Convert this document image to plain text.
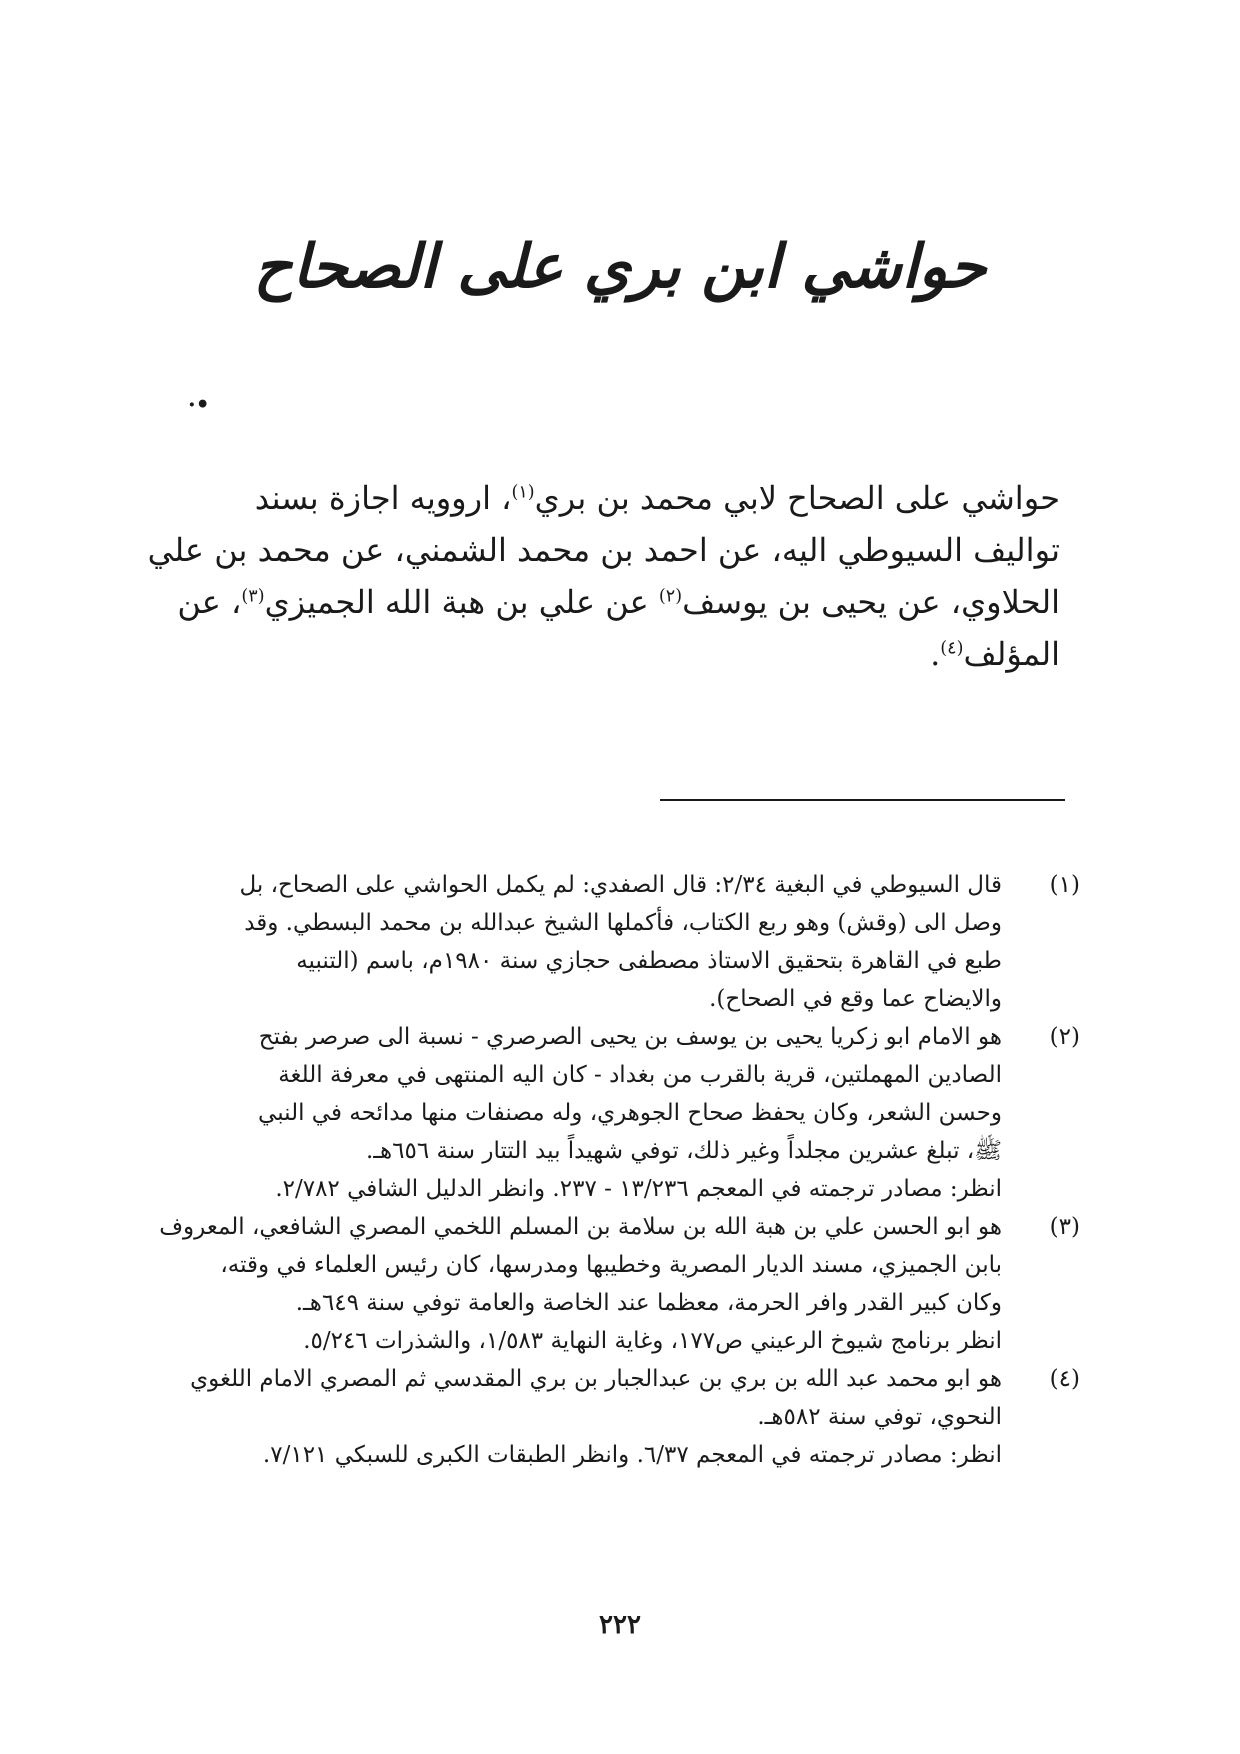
حواشي ابن بري على الصحاح
·•
حواشي على الصحاح لابي محمد بن بري$^{(١)}$، اروويه اجازة بسند
تواليف السيوطي اليه، عن احمد بن محمد الشمني، عن محمد بن علي
الحلاوي، عن يحيى بن يوسف$^{(٢)}$ عن علي بن هبة الله الجميزي$^{(٣)}$، عن
المؤلف$^{(٤)}$.
(١)
قال السيوطي في البغية ٢/٣٤: قال الصفدي: لم يكمل الحواشي على الصحاح، بل
وصل الى (وقش) وهو ربع الكتاب، فأكملها الشيخ عبدالله بن محمد البسطي. وقد
طبع في القاهرة بتحقيق الاستاذ مصطفى حجازي سنة ١٩٨٠م، باسم (التنبيه
والايضاح عما وقع في الصحاح).
(٢)
هو الامام ابو زكريا يحيى بن يوسف بن يحيى الصرصري - نسبة الى صرصر بفتح
الصادين المهملتين، قرية بالقرب من بغداد - كان اليه المنتهى في معرفة اللغة
وحسن الشعر، وكان يحفظ صحاح الجوهري، وله مصنفات منها مدائحه في النبي
ﷺ، تبلغ عشرين مجلداً وغير ذلك، توفي شهيداً بيد التتار سنة ٦٥٦هـ.
انظر: مصادر ترجمته في المعجم ١٣/٢٣٦ - ٢٣٧. وانظر الدليل الشافي ٢/٧٨٢.
(٣)
هو ابو الحسن علي بن هبة الله بن سلامة بن المسلم اللخمي المصري الشافعي، المعروف
بابن الجميزي، مسند الديار المصرية وخطيبها ومدرسها، كان رئيس العلماء في وقته،
وكان كبير القدر وافر الحرمة، معظما عند الخاصة والعامة توفي سنة ٦٤٩هـ.
انظر برنامج شيوخ الرعيني ص١٧٧، وغاية النهاية ١/٥٨٣، والشذرات ٥/٢٤٦.
(٤)
هو ابو محمد عبد الله بن بري بن عبدالجبار بن بري المقدسي ثم المصري الامام اللغوي
النحوي، توفي سنة ٥٨٢هـ.
انظر: مصادر ترجمته في المعجم ٦/٣٧. وانظر الطبقات الكبرى للسبكي ٧/١٢١.
٢٢٢
